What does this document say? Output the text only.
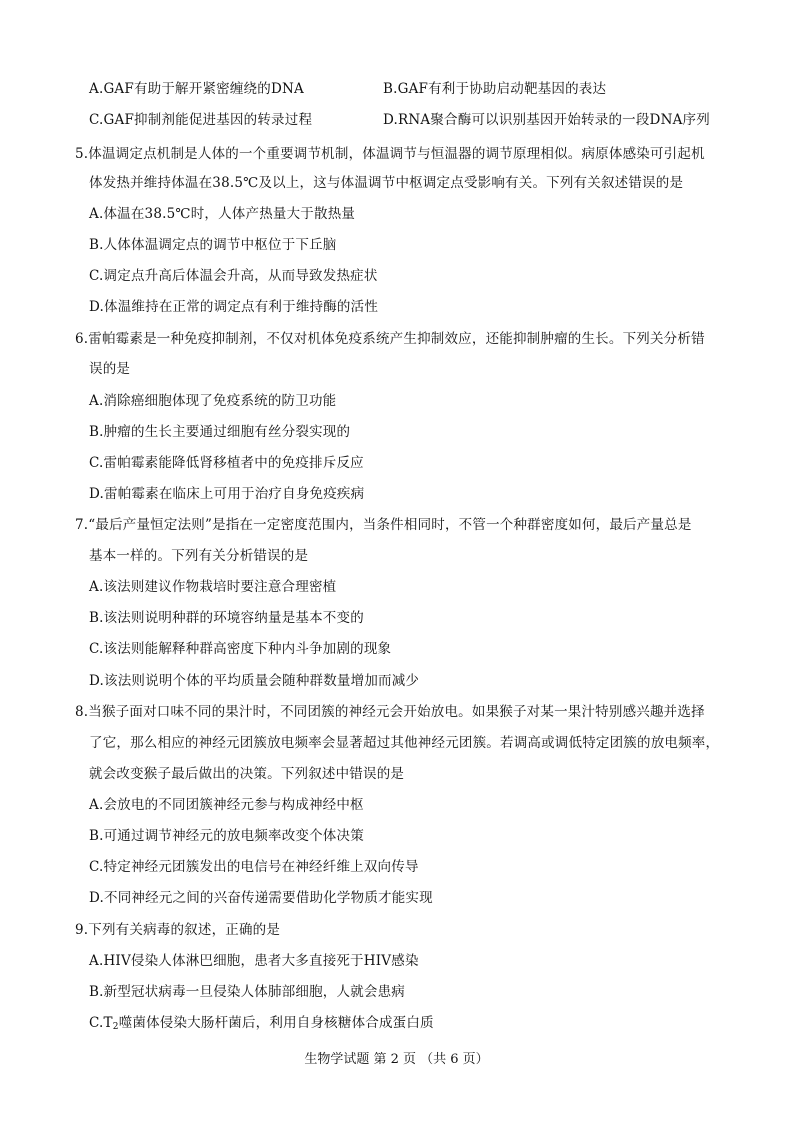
A.GAF有助于解开紧密缠绕的DNA	B.GAF有利于协助启动靶基因的表达
C.GAF抑制剂能促进基因的转录过程	D.RNA聚合酶可以识别基因开始转录的一段DNA序列
5.体温调定点机制是人体的一个重要调节机制，体温调节与恒温器的调节原理相似。病原体感染可引起机
体发热并维持体温在38.5℃及以上，这与体温调节中枢调定点受影响有关。下列有关叙述错误的是
A.体温在38.5℃时，人体产热量大于散热量
B.人体体温调定点的调节中枢位于下丘脑
C.调定点升高后体温会升高，从而导致发热症状
D.体温维持在正常的调定点有利于维持酶的活性
6.雷帕霉素是一种免疫抑制剂，不仅对机体免疫系统产生抑制效应，还能抑制肿瘤的生长。下列关分析错
误的是
A.消除癌细胞体现了免疫系统的防卫功能
B.肿瘤的生长主要通过细胞有丝分裂实现的
C.雷帕霉素能降低肾移植者中的免疫排斥反应
D.雷帕霉素在临床上可用于治疗自身免疫疾病
7.“最后产量恒定法则”是指在一定密度范围内，当条件相同时，不管一个种群密度如何，最后产量总是
基本一样的。下列有关分析错误的是
A.该法则建议作物栽培时要注意合理密植
B.该法则说明种群的环境容纳量是基本不变的
C.该法则能解释种群高密度下种内斗争加剧的现象
D.该法则说明个体的平均质量会随种群数量增加而减少
8.当猴子面对口味不同的果汁时，不同团簇的神经元会开始放电。如果猴子对某一果汁特别感兴趣并选择
了它，那么相应的神经元团簇放电频率会显著超过其他神经元团簇。若调高或调低特定团簇的放电频率，
就会改变猴子最后做出的决策。下列叙述中错误的是
A.会放电的不同团簇神经元参与构成神经中枢
B.可通过调节神经元的放电频率改变个体决策
C.特定神经元团簇发出的电信号在神经纤维上双向传导
D.不同神经元之间的兴奋传递需要借助化学物质才能实现
9.下列有关病毒的叙述，正确的是
A.HIV侵染人体淋巴细胞，患者大多直接死于HIV感染
B.新型冠状病毒一旦侵染人体肺部细胞，人就会患病
$C.T_2$噬菌体侵染大肠杆菌后，利用自身核糖体合成蛋白质
生物学试题 第 2 页 （共 6 页）
